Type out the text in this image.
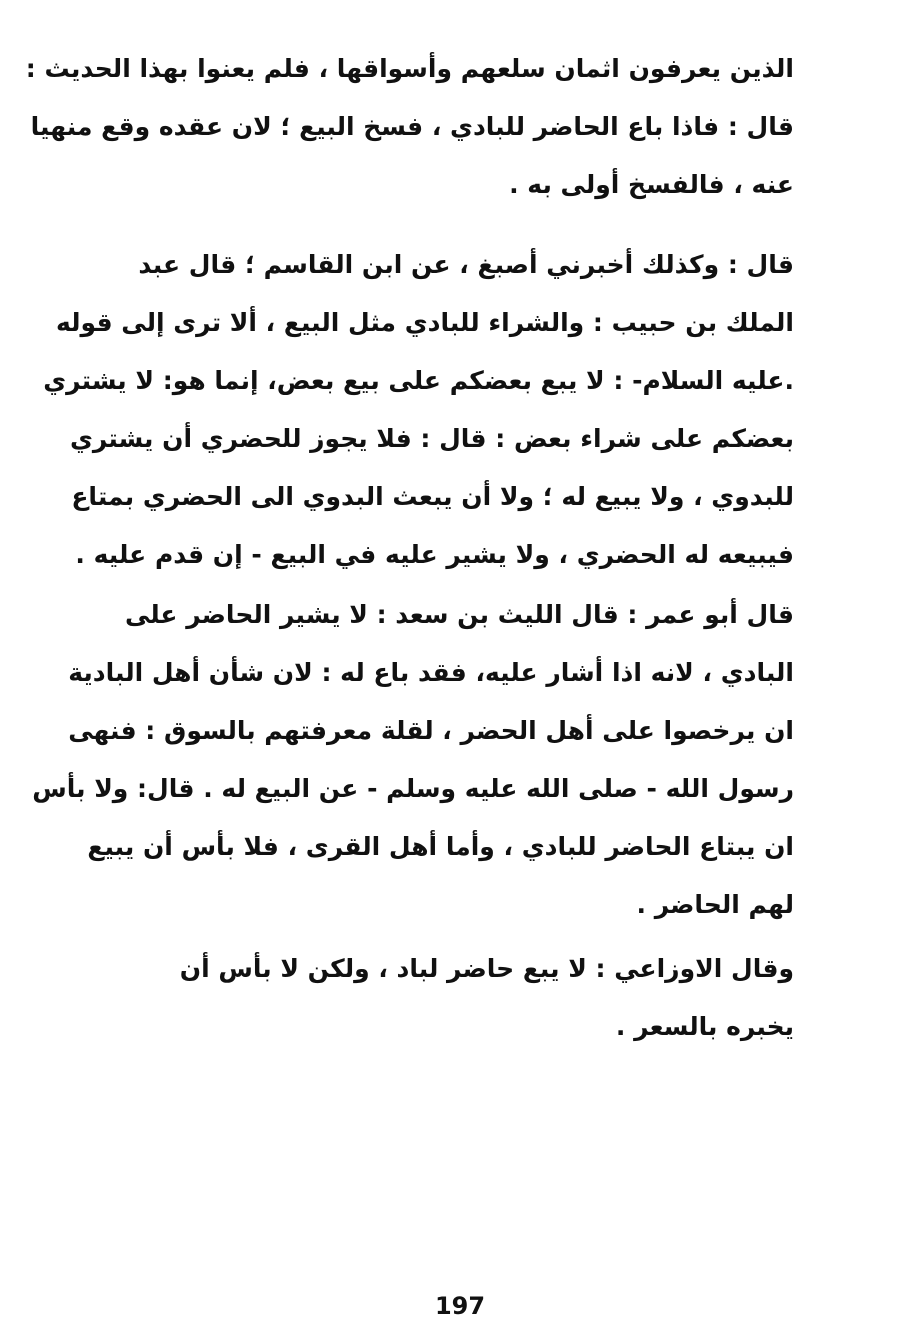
الذين يعرفون اثمان سلعهم وأسواقها ، فلم يعنوا بهذا الحديث :
قال : فاذا باع الحاضر للبادي ، فسخ البيع ؛ لان عقده وقع منهيا
عنه ، فالفسخ أولى به .
قال : وكذلك أخبرني أصبغ ، عن ابن القاسم ؛ قال عبد
الملك بن حبيب : والشراء للبادي مثل البيع ، ألا ترى إلى قوله
.عليه السلام- : لا يبع بعضكم على بيع بعض، إنما هو: لا يشتري
بعضكم على شراء بعض : قال : فلا يجوز للحضري أن يشتري
للبدوي ، ولا يبيع له ؛ ولا أن يبعث البدوي الى الحضري بمتاع
فيبيعه له الحضري ، ولا يشير عليه في البيع - إن قدم عليه .
قال أبو عمر : قال الليث بن سعد : لا يشير الحاضر على
البادي ، لانه اذا أشار عليه، فقد باع له : لان شأن أهل البادية
ان يرخصوا على أهل الحضر ، لقلة معرفتهم بالسوق : فنهى
رسول الله - صلى الله عليه وسلم - عن البيع له . قال: ولا بأس
ان يبتاع الحاضر للبادي ، وأما أهل القرى ، فلا بأس أن يبيع
لهم الحاضر .
وقال الاوزاعي : لا يبع حاضر لباد ، ولكن لا بأس أن
يخبره بالسعر .
197
